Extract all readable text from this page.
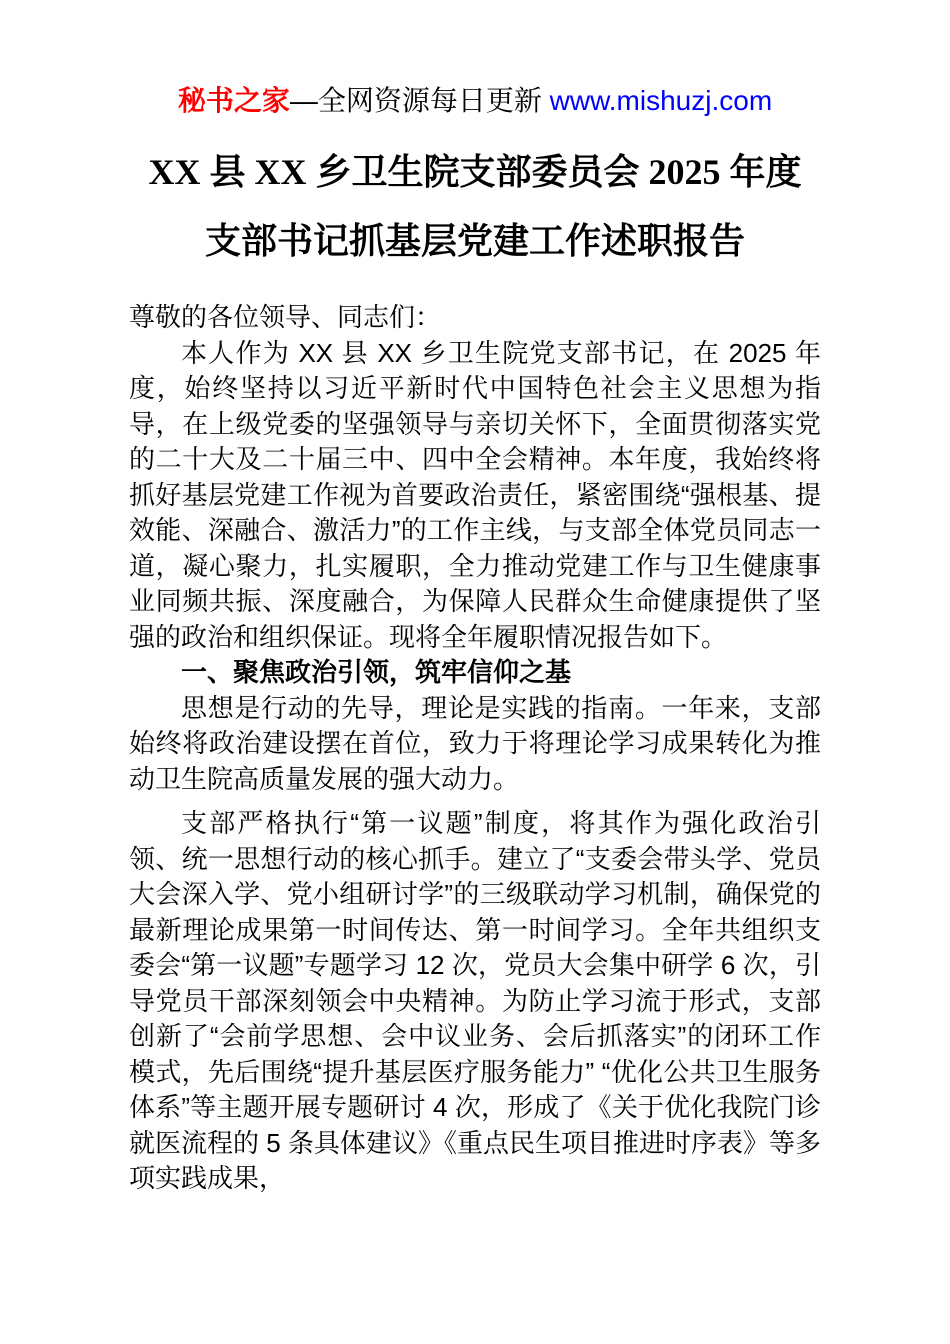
秘书之家—全网资源每日更新 www.mishuzj.com
XX 县 XX 乡卫生院支部委员会 2025 年度
支部书记抓基层党建工作述职报告

尊敬的各位领导、同志们：

本人作为 XX 县 XX 乡卫生院党支部书记，在 2025 年度，始终坚持以习近平新时代中国特色社会主义思想为指导，在上级党委的坚强领导与亲切关怀下，全面贯彻落实党的二十大及二十届三中、四中全会精神。本年度，我始终将抓好基层党建工作视为首要政治责任，紧密围绕“强根基、提效能、深融合、激活力”的工作主线，与支部全体党员同志一道，凝心聚力，扎实履职，全力推动党建工作与卫生健康事业同频共振、深度融合，为保障人民群众生命健康提供了坚强的政治和组织保证。现将全年履职情况报告如下。

一、聚焦政治引领，筑牢信仰之基

思想是行动的先导，理论是实践的指南。一年来，支部始终将政治建设摆在首位，致力于将理论学习成果转化为推动卫生院高质量发展的强大动力。

支部严格执行“第一议题”制度，将其作为强化政治引领、统一思想行动的核心抓手。建立了“支委会带头学、党员大会深入学、党小组研讨学”的三级联动学习机制，确保党的最新理论成果第一时间传达、第一时间学习。全年共组织支委会“第一议题”专题学习 12 次，党员大会集中研学 6 次，引导党员干部深刻领会中央精神。为防止学习流于形式，支部创新了“会前学思想、会中议业务、会后抓落实”的闭环工作模式，先后围绕“提升基层医疗服务能力” “优化公共卫生服务体系”等主题开展专题研讨 4 次，形成了《关于优化我院门诊就医流程的 5 条具体建议》《重点民生项目推进时序表》等多项实践成果，
